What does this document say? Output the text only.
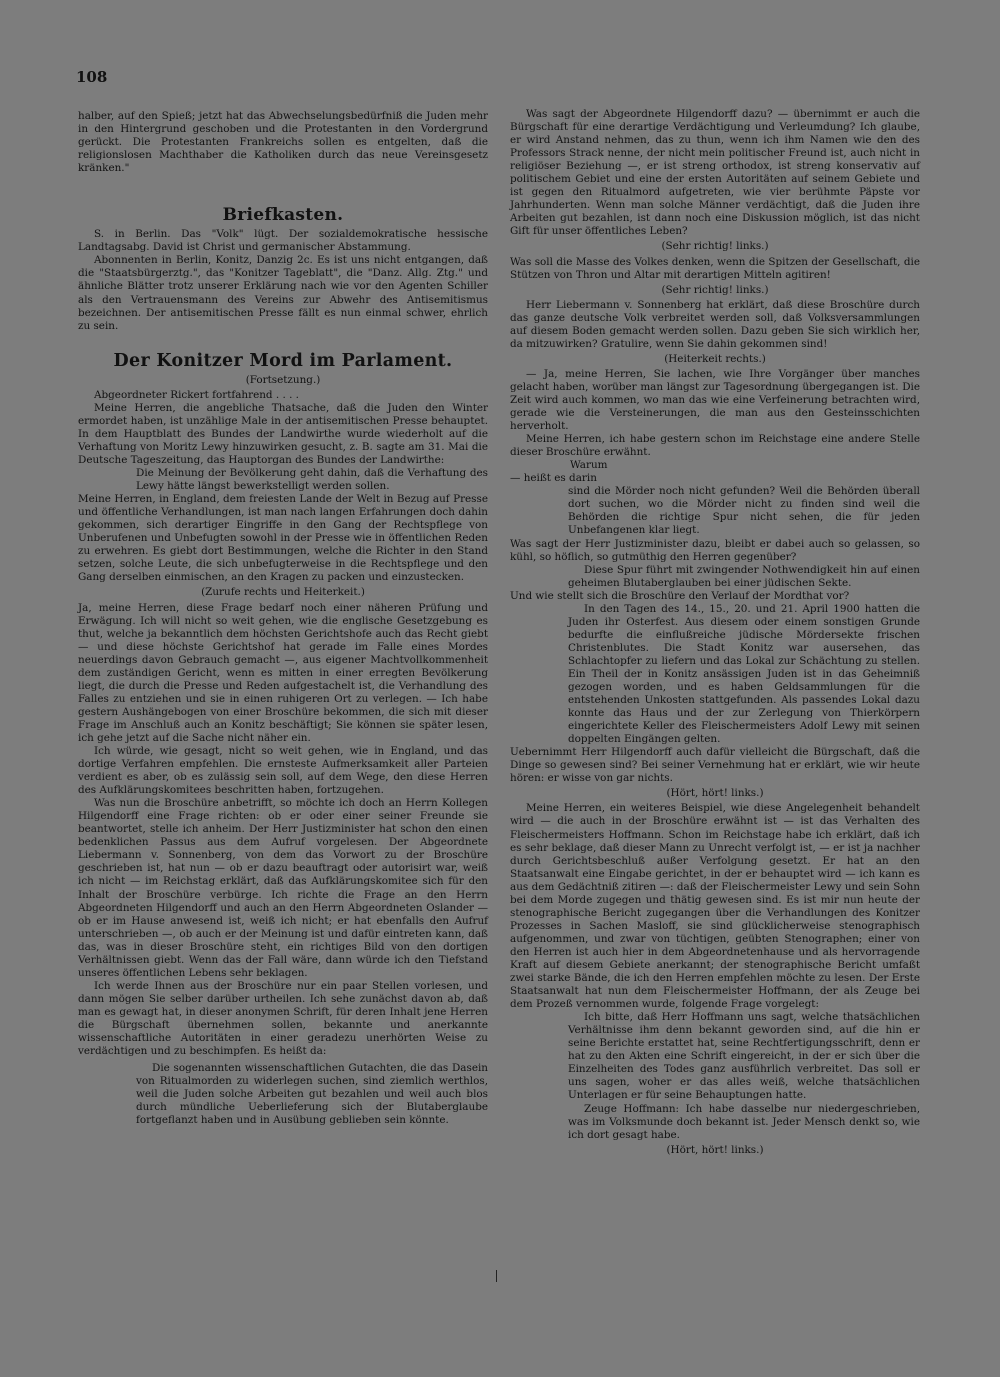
108

halber, auf den Spieß; jetzt hat das Abwechselungsbedürfniß die Juden mehr in den Hintergrund geschoben und die Protestanten in den Vordergrund gerückt. Die Protestanten Frankreichs sollen es entgelten, daß die religionslosen Machthaber die Katholiken durch das neue Vereinsgesetz kränken."

Briefkasten.

S. in Berlin. Das "Volk" lügt. Der sozialdemokratische hessische Landtagsabg. David ist Christ und germanischer Abstammung.

Abonnenten in Berlin, Konitz, Danzig 2c. Es ist uns nicht entgangen, daß die "Staatsbürgerztg.", das "Konitzer Tageblatt", die "Danz. Allg. Ztg." und ähnliche Blätter trotz unserer Erklärung nach wie vor den Agenten Schiller als den Vertrauensmann des Vereins zur Abwehr des Antisemitismus bezeichnen. Der antisemitischen Presse fällt es nun einmal schwer, ehrlich zu sein.

Der Konitzer Mord im Parlament.

(Fortsetzung.)

Abgeordneter Rickert fortfahrend . . . .

Meine Herren, die angebliche Thatsache, daß die Juden den Winter ermordet haben, ist unzählige Male in der antisemitischen Presse behauptet. In dem Hauptblatt des Bundes der Landwirthe wurde wiederholt auf die Verhaftung von Moritz Lewy hinzuwirken gesucht, z. B. sagte am 31. Mai die Deutsche Tageszeitung, das Hauptorgan des Bundes der Landwirthe:

Die Meinung der Bevölkerung geht dahin, daß die Verhaftung des Lewy hätte längst bewerkstelligt werden sollen.

Meine Herren, in England, dem freiesten Lande der Welt in Bezug auf Presse und öffentliche Verhandlungen, ist man nach langen Erfahrungen doch dahin gekommen, sich derartiger Eingriffe in den Gang der Rechtspflege von Unberufenen und Unbefugten sowohl in der Presse wie in öffentlichen Reden zu erwehren. Es giebt dort Bestimmungen, welche die Richter in den Stand setzen, solche Leute, die sich unbefugterweise in die Rechtspflege und den Gang derselben einmischen, an den Kragen zu packen und einzustecken.

(Zurufe rechts und Heiterkeit.)

Ja, meine Herren, diese Frage bedarf noch einer näheren Prüfung und Erwägung. Ich will nicht so weit gehen, wie die englische Gesetzgebung es thut, welche ja bekanntlich dem höchsten Gerichtshofe auch das Recht giebt — und diese höchste Gerichtshof hat gerade im Falle eines Mordes neuerdings davon Gebrauch gemacht —, aus eigener Machtvollkommenheit dem zuständigen Gericht, wenn es mitten in einer erregten Bevölkerung liegt, die durch die Presse und Reden aufgestachelt ist, die Verhandlung des Falles zu entziehen und sie in einen ruhigeren Ort zu verlegen. — Ich habe gestern Aushängebogen von einer Broschüre bekommen, die sich mit dieser Frage im Anschluß auch an Konitz beschäftigt; Sie können sie später lesen, ich gehe jetzt auf die Sache nicht näher ein.

Ich würde, wie gesagt, nicht so weit gehen, wie in England, und das dortige Verfahren empfehlen. Die ernsteste Aufmerksamkeit aller Parteien verdient es aber, ob es zulässig sein soll, auf dem Wege, den diese Herren des Aufklärungskomitees beschritten haben, fortzugehen.

Was nun die Broschüre anbetrifft, so möchte ich doch an Herrn Kollegen Hilgendorff eine Frage richten: ob er oder einer seiner Freunde sie beantwortet, stelle ich anheim. Der Herr Justizminister hat schon den einen bedenklichen Passus aus dem Aufruf vorgelesen. Der Abgeordnete Liebermann v. Sonnenberg, von dem das Vorwort zu der Broschüre geschrieben ist, hat nun — ob er dazu beauftragt oder autorisirt war, weiß ich nicht — im Reichstag erklärt, daß das Aufklärungskomitee sich für den Inhalt der Broschüre verbürge. Ich richte die Frage an den Herrn Abgeordneten Hilgendorff und auch an den Herrn Abgeordneten Oslander — ob er im Hause anwesend ist, weiß ich nicht; er hat ebenfalls den Aufruf unterschrieben —, ob auch er der Meinung ist und dafür eintreten kann, daß das, was in dieser Broschüre steht, ein richtiges Bild von den dortigen Verhältnissen giebt. Wenn das der Fall wäre, dann würde ich den Tiefstand unseres öffentlichen Lebens sehr beklagen.

Ich werde Ihnen aus der Broschüre nur ein paar Stellen vorlesen, und dann mögen Sie selber darüber urtheilen. Ich sehe zunächst davon ab, daß man es gewagt hat, in dieser anonymen Schrift, für deren Inhalt jene Herren die Bürgschaft übernehmen sollen, bekannte und anerkannte wissenschaftliche Autoritäten in einer geradezu unerhörten Weise zu verdächtigen und zu beschimpfen. Es heißt da:

Die sogenannten wissenschaftlichen Gutachten, die das Dasein von Ritualmorden zu widerlegen suchen, sind ziemlich werthlos, weil die Juden solche Arbeiten gut bezahlen und weil auch blos durch mündliche Ueberlieferung sich der Blutaberglaube fortgeflanzt haben und in Ausübung geblieben sein könnte.

Was sagt der Abgeordnete Hilgendorff dazu? — übernimmt er auch die Bürgschaft für eine derartige Verdächtigung und Verleumdung? Ich glaube, er wird Anstand nehmen, das zu thun, wenn ich ihm Namen wie den des Professors Strack nenne, der nicht mein politischer Freund ist, auch nicht in religiöser Beziehung —, er ist streng orthodox, ist streng konservativ auf politischem Gebiet und eine der ersten Autoritäten auf seinem Gebiete und ist gegen den Ritualmord aufgetreten, wie vier berühmte Päpste vor Jahrhunderten. Wenn man solche Männer verdächtigt, daß die Juden ihre Arbeiten gut bezahlen, ist dann noch eine Diskussion möglich, ist das nicht Gift für unser öffentliches Leben?

(Sehr richtig! links.)

Was soll die Masse des Volkes denken, wenn die Spitzen der Gesellschaft, die Stützen von Thron und Altar mit derartigen Mitteln agitiren!

(Sehr richtig! links.)

Herr Liebermann v. Sonnenberg hat erklärt, daß diese Broschüre durch das ganze deutsche Volk verbreitet werden soll, daß Volksversammlungen auf diesem Boden gemacht werden sollen. Dazu geben Sie sich wirklich her, da mitzuwirken? Gratulire, wenn Sie dahin gekommen sind!

(Heiterkeit rechts.)

— Ja, meine Herren, Sie lachen, wie Ihre Vorgänger über manches gelacht haben, worüber man längst zur Tagesordnung übergegangen ist. Die Zeit wird auch kommen, wo man das wie eine Verfeinerung betrachten wird, gerade wie die Versteinerungen, die man aus den Gesteinsschichten herverholt.

Meine Herren, ich habe gestern schon im Reichstage eine andere Stelle dieser Broschüre erwähnt.

Warum

— heißt es darin

sind die Mörder noch nicht gefunden? Weil die Behörden überall dort suchen, wo die Mörder nicht zu finden sind weil die Behörden die richtige Spur nicht sehen, die für jeden Unbefangenen klar liegt.

Was sagt der Herr Justizminister dazu, bleibt er dabei auch so gelassen, so kühl, so höflich, so gutmüthig den Herren gegenüber?

Diese Spur führt mit zwingender Nothwendigkeit hin auf einen geheimen Blutaberglauben bei einer jüdischen Sekte.

Und wie stellt sich die Broschüre den Verlauf der Mordthat vor?

In den Tagen des 14., 15., 20. und 21. April 1900 hatten die Juden ihr Osterfest. Aus diesem oder einem sonstigen Grunde bedurfte die einflußreiche jüdische Mördersekte frischen Christenblutes. Die Stadt Konitz war ausersehen, das Schlachtopfer zu liefern und das Lokal zur Schächtung zu stellen. Ein Theil der in Konitz ansässigen Juden ist in das Geheimniß gezogen worden, und es haben Geldsammlungen für die entstehenden Unkosten stattgefunden. Als passendes Lokal dazu konnte das Haus und der zur Zerlegung von Thierkörpern eingerichtete Keller des Fleischermeisters Adolf Lewy mit seinen doppelten Eingängen gelten.

Uebernimmt Herr Hilgendorff auch dafür vielleicht die Bürgschaft, daß die Dinge so gewesen sind? Bei seiner Vernehmung hat er erklärt, wie wir heute hören: er wisse von gar nichts.

(Hört, hört! links.)

Meine Herren, ein weiteres Beispiel, wie diese Angelegenheit behandelt wird — die auch in der Broschüre erwähnt ist — ist das Verhalten des Fleischermeisters Hoffmann. Schon im Reichstage habe ich erklärt, daß ich es sehr beklage, daß dieser Mann zu Unrecht verfolgt ist, — er ist ja nachher durch Gerichtsbeschluß außer Verfolgung gesetzt. Er hat an den Staatsanwalt eine Eingabe gerichtet, in der er behauptet wird — ich kann es aus dem Gedächtniß zitiren —: daß der Fleischermeister Lewy und sein Sohn bei dem Morde zugegen und thätig gewesen sind. Es ist mir nun heute der stenographische Bericht zugegangen über die Verhandlungen des Konitzer Prozesses in Sachen Masloff, sie sind glücklicherweise stenographisch aufgenommen, und zwar von tüchtigen, geübten Stenographen; einer von den Herren ist auch hier in dem Abgeordnetenhause und als hervorragende Kraft auf diesem Gebiete anerkannt; der stenographische Bericht umfaßt zwei starke Bände, die ich den Herren empfehlen möchte zu lesen. Der Erste Staatsanwalt hat nun dem Fleischermeister Hoffmann, der als Zeuge bei dem Prozeß vernommen wurde, folgende Frage vorgelegt:

Ich bitte, daß Herr Hoffmann uns sagt, welche thatsächlichen Verhältnisse ihm denn bekannt geworden sind, auf die hin er seine Berichte erstattet hat, seine Rechtfertigungsschrift, denn er hat zu den Akten eine Schrift eingereicht, in der er sich über die Einzelheiten des Todes ganz ausführlich verbreitet. Das soll er uns sagen, woher er das alles weiß, welche thatsächlichen Unterlagen er für seine Behauptungen hatte.

Zeuge Hoffmann: Ich habe dasselbe nur niedergeschrieben, was im Volksmunde doch bekannt ist. Jeder Mensch denkt so, wie ich dort gesagt habe.

(Hört, hört! links.)
